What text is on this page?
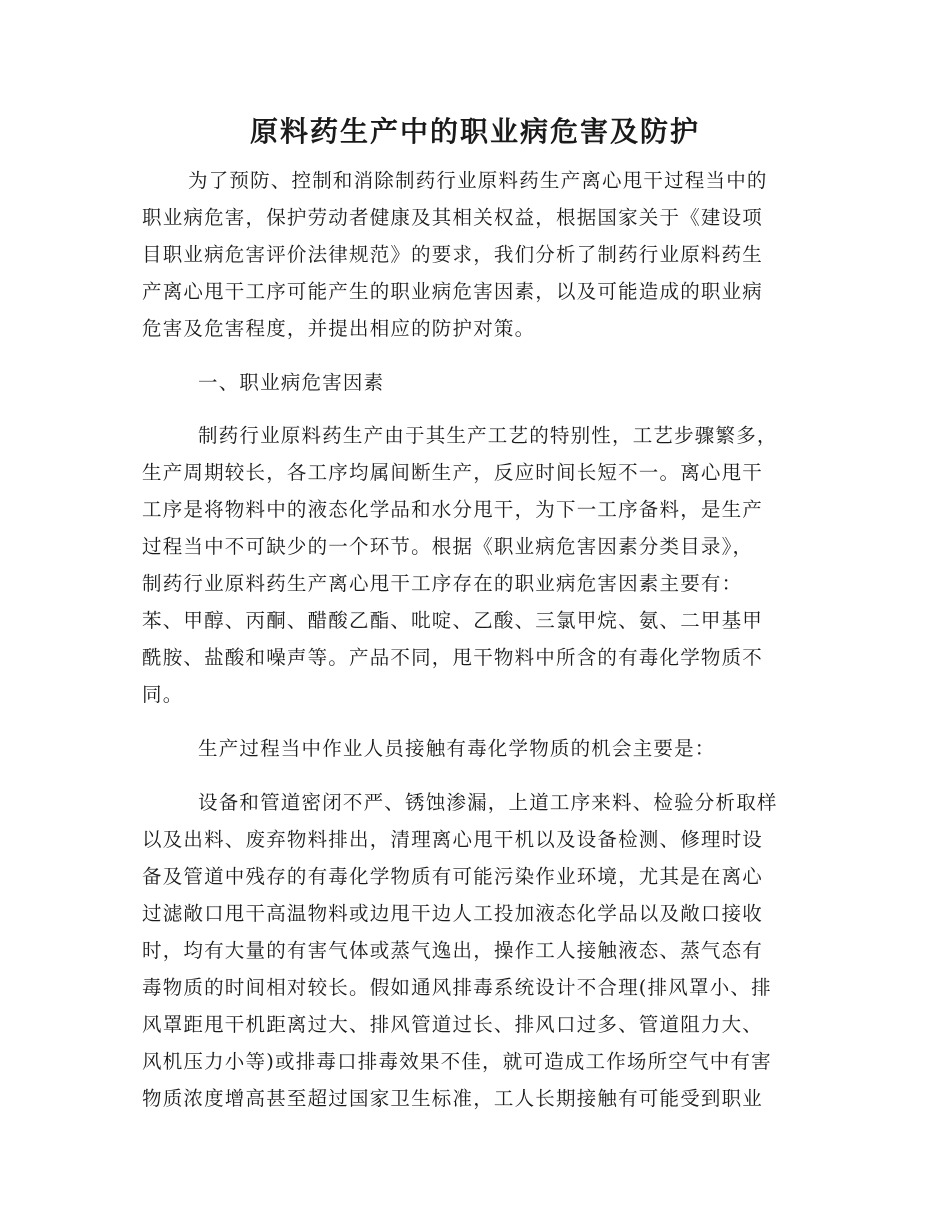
原料药生产中的职业病危害及防护
为了预防、控制和消除制药行业原料药生产离心甩干过程当中的
职业病危害，保护劳动者健康及其相关权益，根据国家关于《建设项
目职业病危害评价法律规范》的要求，我们分析了制药行业原料药生
产离心甩干工序可能产生的职业病危害因素，以及可能造成的职业病
危害及危害程度，并提出相应的防护对策。
一、职业病危害因素
制药行业原料药生产由于其生产工艺的特别性，工艺步骤繁多，
生产周期较长，各工序均属间断生产，反应时间长短不一。离心甩干
工序是将物料中的液态化学品和水分甩干，为下一工序备料，是生产
过程当中不可缺少的一个环节。根据《职业病危害因素分类目录》，
制药行业原料药生产离心甩干工序存在的职业病危害因素主要有：
苯、甲醇、丙酮、醋酸乙酯、吡啶、乙酸、三氯甲烷、氨、二甲基甲
酰胺、盐酸和噪声等。产品不同，甩干物料中所含的有毒化学物质不
同。
生产过程当中作业人员接触有毒化学物质的机会主要是：
设备和管道密闭不严、锈蚀渗漏，上道工序来料、检验分析取样
以及出料、废弃物料排出，清理离心甩干机以及设备检测、修理时设
备及管道中残存的有毒化学物质有可能污染作业环境，尤其是在离心
过滤敞口甩干高温物料或边甩干边人工投加液态化学品以及敞口接收
时，均有大量的有害气体或蒸气逸出，操作工人接触液态、蒸气态有
毒物质的时间相对较长。假如通风排毒系统设计不合理(排风罩小、排
风罩距甩干机距离过大、排风管道过长、排风口过多、管道阻力大、
风机压力小等)或排毒口排毒效果不佳，就可造成工作场所空气中有害
物质浓度增高甚至超过国家卫生标准，工人长期接触有可能受到职业
